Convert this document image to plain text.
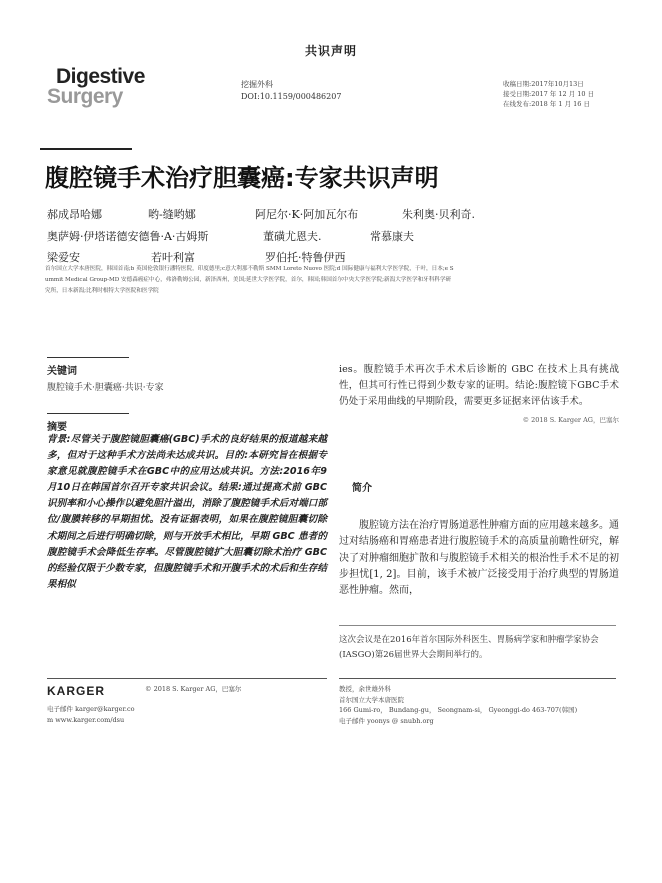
共识声明
Digestive
Surgery
挖掘外科
DOI:10.1159/000486207
收稿日期:2017年10月13日
接受日期:2017 年 12 月 10 日
在线发布:2018 年 1 月 16 日
腹腔镜手术治疗胆囊癌:专家共识声明
郝成昂哈娜	哟-缝哟娜	阿尼尔·K·阿加瓦尔布	朱利奥·贝利奇.
奥萨姆·伊塔诺德安德鲁·A·古姆斯	董磺尤恩夫.	常慕康夫
梁爱安	若叶利富	罗伯托·特鲁伊西
首尔国立大学本唐医院，韩国首南;b 英国伦敦银行潘特医院，印度德里;c意大利那不勒斯 SMM Loreto Nuovo 医院;d 国际健康与福利大学医学院，千叶，日本;e S
ummit Medical Group-MD 安德森癌症中心，弗洛勒姆公园，新泽西州，美国;延世大学医学院，首尔，韩国;韩国首尔中央大学医学院;新潟大学医学和牙科科学研
究所，日本新潟;比利时根特大学医院和医学院
关键词
腹腔镜手术·胆囊癌·共识·专家
摘要
背景:尽管关于腹腔镜胆囊癌(GBC)手术的良好结果的报道越来越多，但对于这种手术方法尚未达成共识。目的:本研究旨在根据专家意见就腹腔镜手术在GBC中的应用达成共识。方法:2016年9月10日在韩国首尔召开专家共识会议。结果:通过提高术前 GBC 识别率和小心操作以避免胆汁溢出，消除了腹腔镜手术后对端口部位/腹膜转移的早期担忧。没有证据表明，如果在腹腔镜胆囊切除术期间之后进行明确切除，则与开放手术相比，早期 GBC 患者的腹腔镜手术会降低生存率。尽管腹腔镜扩大胆囊切除术治疗 GBC 的经验仅限于少数专家，但腹腔镜手术和开腹手术的术后和生存结果相似
ies。腹腔镜手术再次手术术后诊断的 GBC 在技术上具有挑战性，但其可行性已得到少数专家的证明。结论:腹腔镜下GBC手术仍处于采用曲线的早期阶段，需要更多证据来评估该手术。
© 2018 S. Karger AG，巴塞尔
简介
腹腔镜方法在治疗胃肠道恶性肿瘤方面的应用越来越多。通过对结肠癌和胃癌患者进行腹腔镜手术的高质量前瞻性研究，解决了对肿瘤细胞扩散和与腹腔镜手术相关的根治性手术不足的初步担忧[1, 2]。目前，该手术被广泛接受用于治疗典型的胃肠道恶性肿瘤。然而，
这次会议是在2016年首尔国际外科医生、胃肠病学家和肿瘤学家协会(IASGO)第26届世界大会期间举行的。
KARGER
电子邮件 karger@karger.com www.karger.com/dsu
© 2018 S. Karger AG，巴塞尔	教授，余世雄外科
首尔国立大学本唐医院
166 Gumi-ro， Bundang-gu， Seongnam-si， Gyeonggi-do 463-707(韩国)
电子邮件 yoonys @ snubh.org
